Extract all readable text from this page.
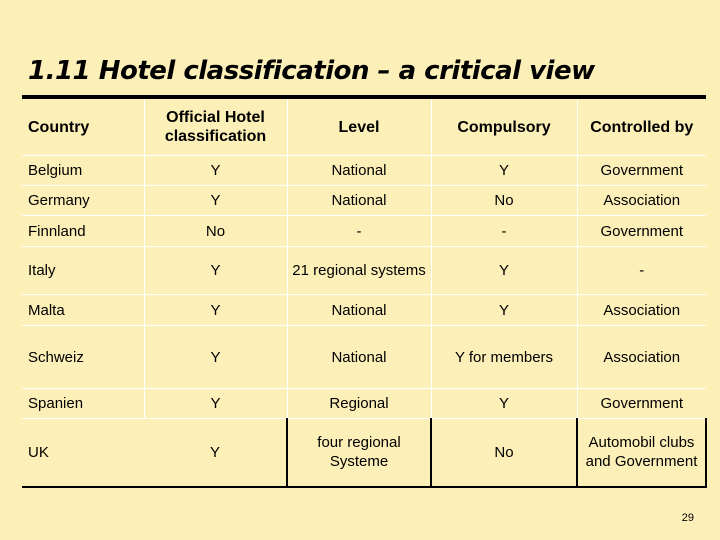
1.11 Hotel classification – a critical view
Country	Official Hotel classification	Level	Compulsory	Controlled by
Belgium	Y	National	Y	Government
Germany	Y	National	No	Association
Finnland	No	-	-	Government
Italy	Y	21 regional systems	Y	-
Malta	Y	National	Y	Association
Schweiz	Y	National	Y for members	Association
Spanien	Y	Regional	Y	Government
UK	Y	four regional Systeme	No	Automobil clubs and Government
29
